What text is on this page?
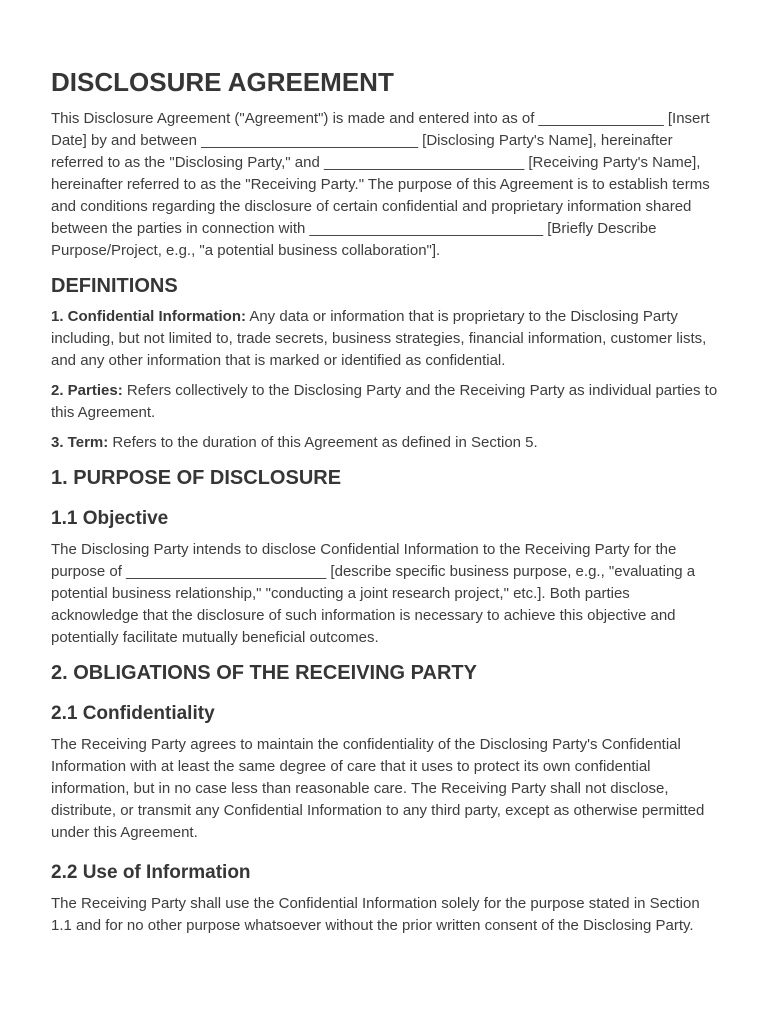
DISCLOSURE AGREEMENT

This Disclosure Agreement ("Agreement") is made and entered into as of _______________ [Insert Date] by and between __________________________ [Disclosing Party's Name], hereinafter referred to as the "Disclosing Party," and ________________________ [Receiving Party's Name], hereinafter referred to as the "Receiving Party." The purpose of this Agreement is to establish terms and conditions regarding the disclosure of certain confidential and proprietary information shared between the parties in connection with ____________________________ [Briefly Describe Purpose/Project, e.g., "a potential business collaboration"].

DEFINITIONS

1. Confidential Information: Any data or information that is proprietary to the Disclosing Party including, but not limited to, trade secrets, business strategies, financial information, customer lists, and any other information that is marked or identified as confidential.

2. Parties: Refers collectively to the Disclosing Party and the Receiving Party as individual parties to this Agreement.

3. Term: Refers to the duration of this Agreement as defined in Section 5.

1. PURPOSE OF DISCLOSURE
1.1 Objective

The Disclosing Party intends to disclose Confidential Information to the Receiving Party for the purpose of ________________________ [describe specific business purpose, e.g., "evaluating a potential business relationship," "conducting a joint research project," etc.]. Both parties acknowledge that the disclosure of such information is necessary to achieve this objective and potentially facilitate mutually beneficial outcomes.

2. OBLIGATIONS OF THE RECEIVING PARTY
2.1 Confidentiality

The Receiving Party agrees to maintain the confidentiality of the Disclosing Party's Confidential Information with at least the same degree of care that it uses to protect its own confidential information, but in no case less than reasonable care. The Receiving Party shall not disclose, distribute, or transmit any Confidential Information to any third party, except as otherwise permitted under this Agreement.

2.2 Use of Information

The Receiving Party shall use the Confidential Information solely for the purpose stated in Section 1.1 and for no other purpose whatsoever without the prior written consent of the Disclosing Party.
